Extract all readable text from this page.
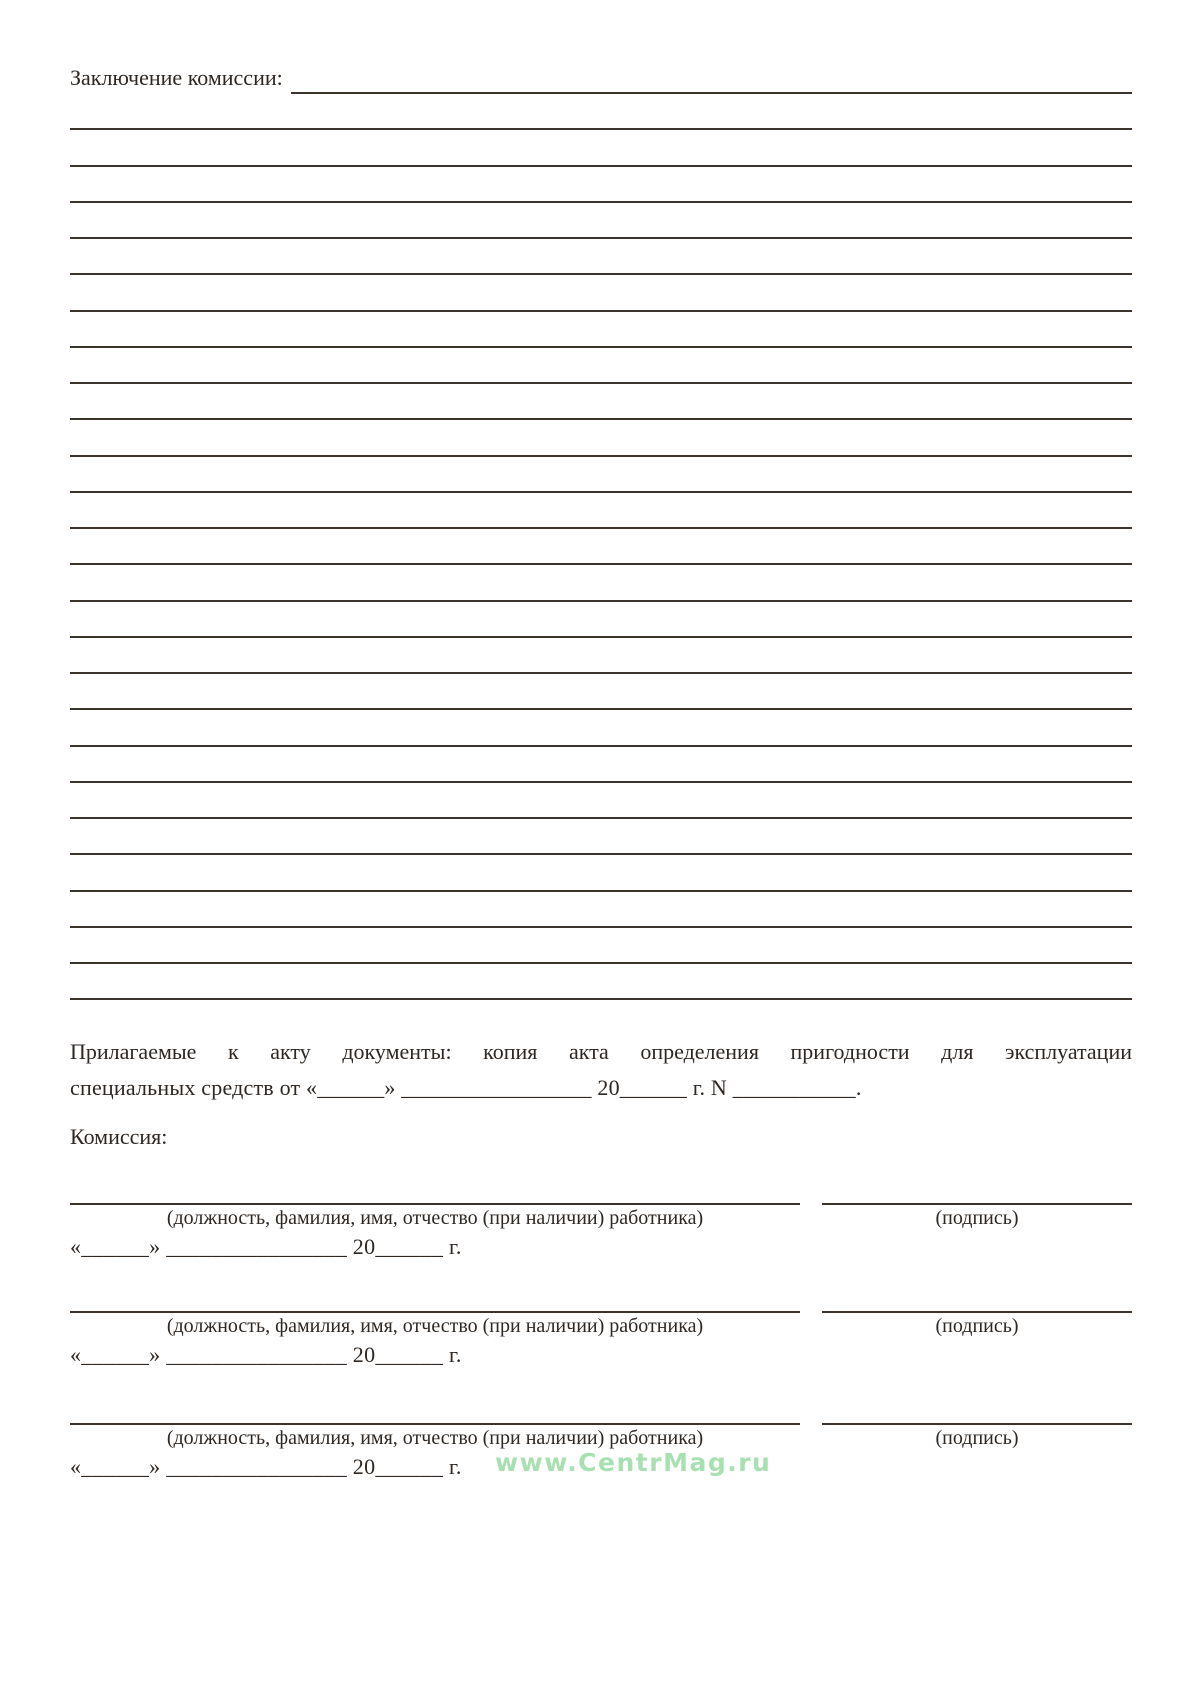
Заключение комиссии:
Прилагаемые к акту документы: копия акта определения пригодности для эксплуатации
специальных средств от «______» _________________ 20______ г. N ___________.
Комиссия:
(должность, фамилия, имя, отчество (при наличии) работника)	(подпись)
«______» ________________ 20______ г.
(должность, фамилия, имя, отчество (при наличии) работника)	(подпись)
«______» ________________ 20______ г.
(должность, фамилия, имя, отчество (при наличии) работника)	(подпись)
«______» ________________ 20______ г.	www.CentrMag.ru
